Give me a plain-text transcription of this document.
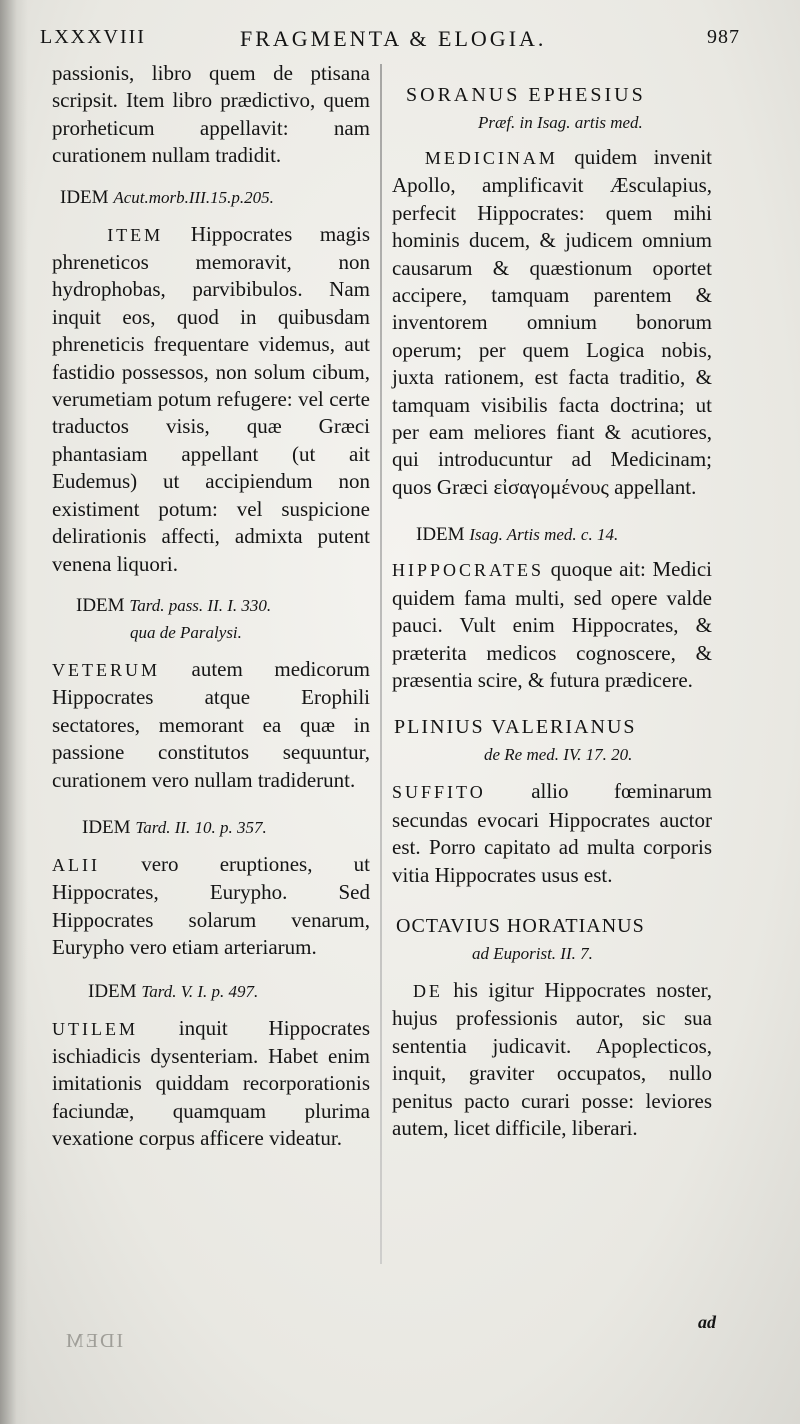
LXXXVIII	FRAGMENTA & ELOGIA.	987

passionis, libro quem de ptisana scripsit. Item libro prædictivo, quem prorheticum appellavit: nam curationem nullam tradidit.

IDEM Acut.morb.III.15.p.205.

ITEM Hippocrates magis phreneticos memoravit, non hydrophobas, parvibibulos. Nam inquit eos, quod in quibusdam phreneticis frequentare videmus, aut fastidio possessos, non solum cibum, verumetiam potum refugere: vel certe traductos visis, quæ Græci phantasiam appellant (ut ait Eudemus) ut accipiendum non existiment potum: vel suspicione delirationis affecti, admixta putent venena liquori.

IDEM Tard. pass. II. I. 330.
qua de Paralysi.

VETERUM autem medicorum Hippocrates atque Erophili sectatores, memorant ea quæ in passione constitutos sequuntur, curationem vero nullam tradiderunt.

IDEM Tard. II. 10. p. 357.

ALII vero eruptiones, ut Hippocrates, Eurypho. Sed Hippocrates solarum venarum, Eurypho vero etiam arteriarum.

IDEM Tard. V. I. p. 497.

UTILEM inquit Hippocrates ischiadicis dysenteriam. Habet enim imitationis quiddam recorporationis faciundæ, quamquam plurima vexatione corpus afficere videatur.

SORANUS EPHESIUS
Præf. in Isag. artis med.

MEDICINAM quidem invenit Apollo, amplificavit Æsculapius, perfecit Hippocrates: quem mihi hominis ducem, & judicem omnium causarum & quæstionum oportet accipere, tamquam parentem & inventorem omnium bonorum operum; per quem Logica nobis, juxta rationem, est facta traditio, & tamquam visibilis facta doctrina; ut per eam meliores fiant & acutiores, qui introducuntur ad Medicinam; quos Græci εἰσαγομένους appellant.

IDEM Isag. Artis med. c. 14.

HIPPOCRATES quoque ait: Medici quidem fama multi, sed opere valde pauci. Vult enim Hippocrates, & præterita medicos cognoscere, & præsentia scire, & futura prædicere.

PLINIUS VALERIANUS
de Re med. IV. 17. 20.

SUFFITO allio fœminarum secundas evocari Hippocrates auctor est. Porro capitato ad multa corporis vitia Hippocrates usus est.

OCTAVIUS HORATIANUS
ad Euporist. II. 7.

DE his igitur Hippocrates noster, hujus professionis autor, sic sua sententia judicavit. Apoplecticos, inquit, graviter occupatos, nullo penitus pacto curari posse: leviores autem, licet difficile, liberari.

ad
IDEM
